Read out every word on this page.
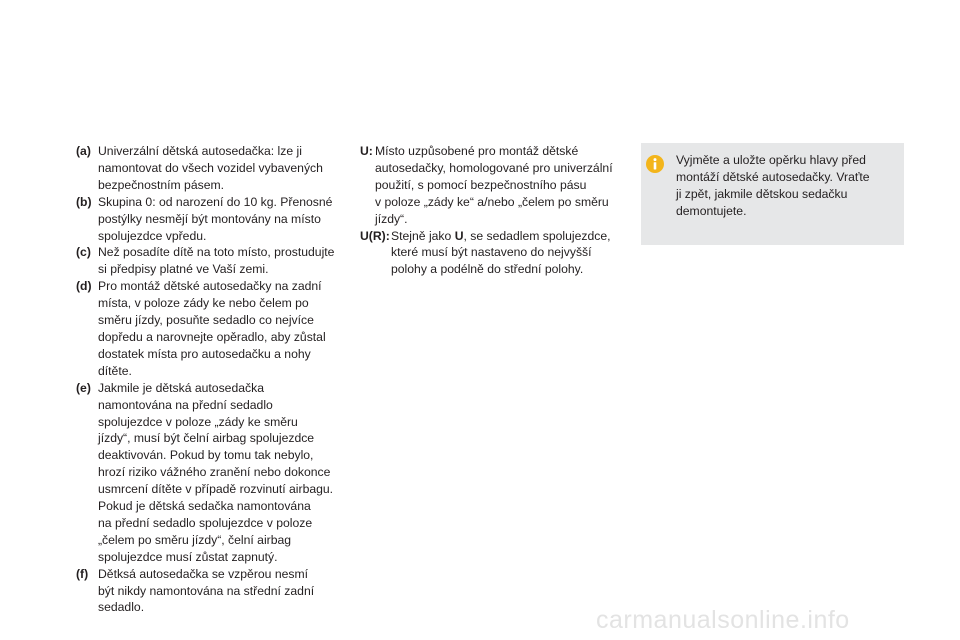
(a) Univerzální dětská autosedačka: lze ji
namontovat do všech vozidel vybavených
bezpečnostním pásem.
(b) Skupina 0: od narození do 10 kg. Přenosné
postýlky nesmějí být montovány na místo
spolujezdce vpředu.
(c) Než posadíte dítě na toto místo, prostudujte
si předpisy platné ve Vaší zemi.
(d) Pro montáž dětské autosedačky na zadní
místa, v poloze zády ke nebo čelem po
směru jízdy, posuňte sedadlo co nejvíce
dopředu a narovnejte opěradlo, aby zůstal
dostatek místa pro autosedačku a nohy
dítěte.
(e) Jakmile je dětská autosedačka
namontována na přední sedadlo
spolujezdce v poloze „zády ke směru
jízdy“, musí být čelní airbag spolujezdce
deaktivován. Pokud by tomu tak nebylo,
hrozí riziko vážného zranění nebo dokonce
usmrcení dítěte v případě rozvinutí airbagu.
Pokud je dětská sedačka namontována
na přední sedadlo spolujezdce v poloze
„čelem po směru jízdy“, čelní airbag
spolujezdce musí zůstat zapnutý.
(f) Dětksá autosedačka se vzpěrou nesmí
být nikdy namontována na střední zadní
sedadlo.
U: Místo uzpůsobené pro montáž dětské
autosedačky, homologované pro univerzální
použití, s pomocí bezpečnostního pásu
v poloze „zády ke“ a/nebo „čelem po směru
jízdy“.
U(R): Stejně jako U, se sedadlem spolujezdce,
které musí být nastaveno do nejvyšší
polohy a podélně do střední polohy.
Vyjměte a uložte opěrku hlavy před
montáží dětské autosedačky. Vraťte
ji zpět, jakmile dětskou sedačku
demontujete.
carmanualsonline.info
